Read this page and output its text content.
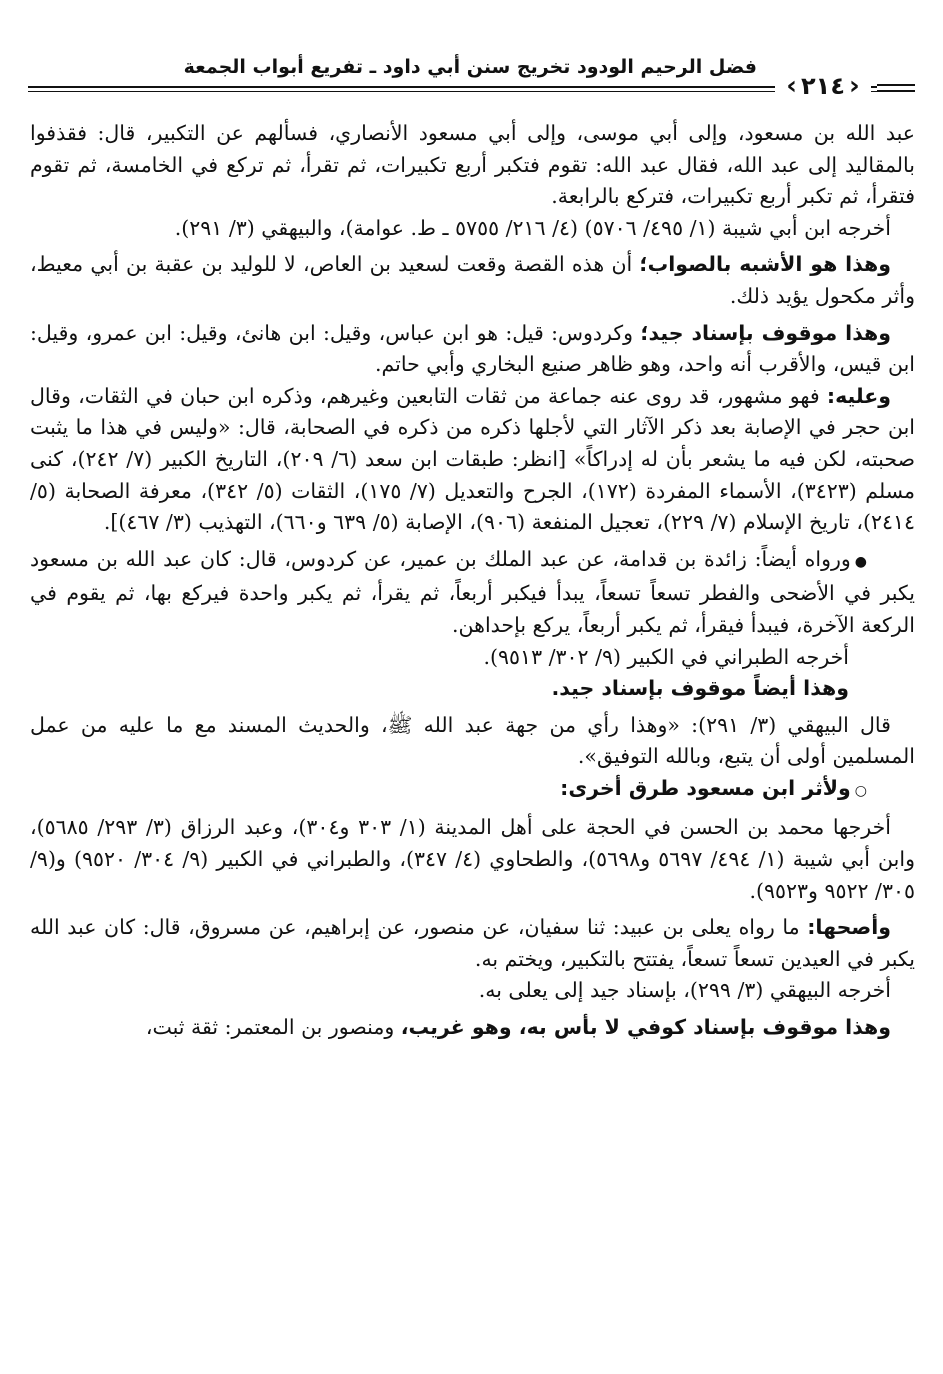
فضل الرحيم الودود تخريج سنن أبي داود ـ تفريع أبواب الجمعة
‹ ٢١٤ ›

عبد الله بن مسعود، وإلى أبي موسى، وإلى أبي مسعود الأنصاري، فسألهم عن التكبير، قال: فقذفوا بالمقاليد إلى عبد الله، فقال عبد الله: تقوم فتكبر أربع تكبيرات، ثم تقرأ، ثم تركع في الخامسة، ثم تقوم فتقرأ، ثم تكبر أربع تكبيرات، فتركع بالرابعة.

أخرجه ابن أبي شيبة (١/ ٤٩٥/ ٥٧٠٦) (٤/ ٢١٦/ ٥٧٥٥ ـ ط. عوامة)، والبيهقي (٣/ ٢٩١).

وهذا هو الأشبه بالصواب؛ أن هذه القصة وقعت لسعيد بن العاص، لا للوليد بن عقبة بن أبي معيط، وأثر مكحول يؤيد ذلك.

وهذا موقوف بإسناد جيد؛ وكردوس: قيل: هو ابن عباس، وقيل: ابن هانئ، وقيل: ابن عمرو، وقيل: ابن قيس، والأقرب أنه واحد، وهو ظاهر صنيع البخاري وأبي حاتم.

وعليه: فهو مشهور، قد روى عنه جماعة من ثقات التابعين وغيرهم، وذكره ابن حبان في الثقات، وقال ابن حجر في الإصابة بعد ذكر الآثار التي لأجلها ذكره من ذكره في الصحابة، قال: «وليس في هذا ما يثبت صحبته، لكن فيه ما يشعر بأن له إدراكاً» [انظر: طبقات ابن سعد (٦/ ٢٠٩)، التاريخ الكبير (٧/ ٢٤٢)، كنى مسلم (٣٤٢٣)، الأسماء المفردة (١٧٢)، الجرح والتعديل (٧/ ١٧٥)، الثقات (٥/ ٣٤٢)، معرفة الصحابة (٥/ ٢٤١٤)، تاريخ الإسلام (٧/ ٢٢٩)، تعجيل المنفعة (٩٠٦)، الإصابة (٥/ ٦٣٩ و٦٦٠)، التهذيب (٣/ ٤٦٧)].

●ورواه أيضاً: زائدة بن قدامة، عن عبد الملك بن عمير، عن كردوس، قال: كان عبد الله بن مسعود يكبر في الأضحى والفطر تسعاً تسعاً، يبدأ فيكبر أربعاً، ثم يقرأ، ثم يكبر واحدة فيركع بها، ثم يقوم في الركعة الآخرة، فيبدأ فيقرأ، ثم يكبر أربعاً، يركع بإحداهن.

أخرجه الطبراني في الكبير (٩/ ٣٠٢/ ٩٥١٣).

وهذا أيضاً موقوف بإسناد جيد.

قال البيهقي (٣/ ٢٩١): «وهذا رأي من جهة عبد الله ﷺ، والحديث المسند مع ما عليه من عمل المسلمين أولى أن يتبع، وبالله التوفيق».

○ولأثر ابن مسعود طرق أخرى:

أخرجها محمد بن الحسن في الحجة على أهل المدينة (١/ ٣٠٣ و٣٠٤)، وعبد الرزاق (٣/ ٢٩٣/ ٥٦٨٥)، وابن أبي شيبة (١/ ٤٩٤/ ٥٦٩٧ و٥٦٩٨)، والطحاوي (٤/ ٣٤٧)، والطبراني في الكبير (٩/ ٣٠٤/ ٩٥٢٠) و(٩/ ٣٠٥/ ٩٥٢٢ و٩٥٢٣).

وأصحها: ما رواه يعلى بن عبيد: ثنا سفيان، عن منصور، عن إبراهيم، عن مسروق، قال: كان عبد الله يكبر في العيدين تسعاً تسعاً، يفتتح بالتكبير، ويختم به.

أخرجه البيهقي (٣/ ٢٩٩)، بإسناد جيد إلى يعلى به.

وهذا موقوف بإسناد كوفي لا بأس به، وهو غريب، ومنصور بن المعتمر: ثقة ثبت،
